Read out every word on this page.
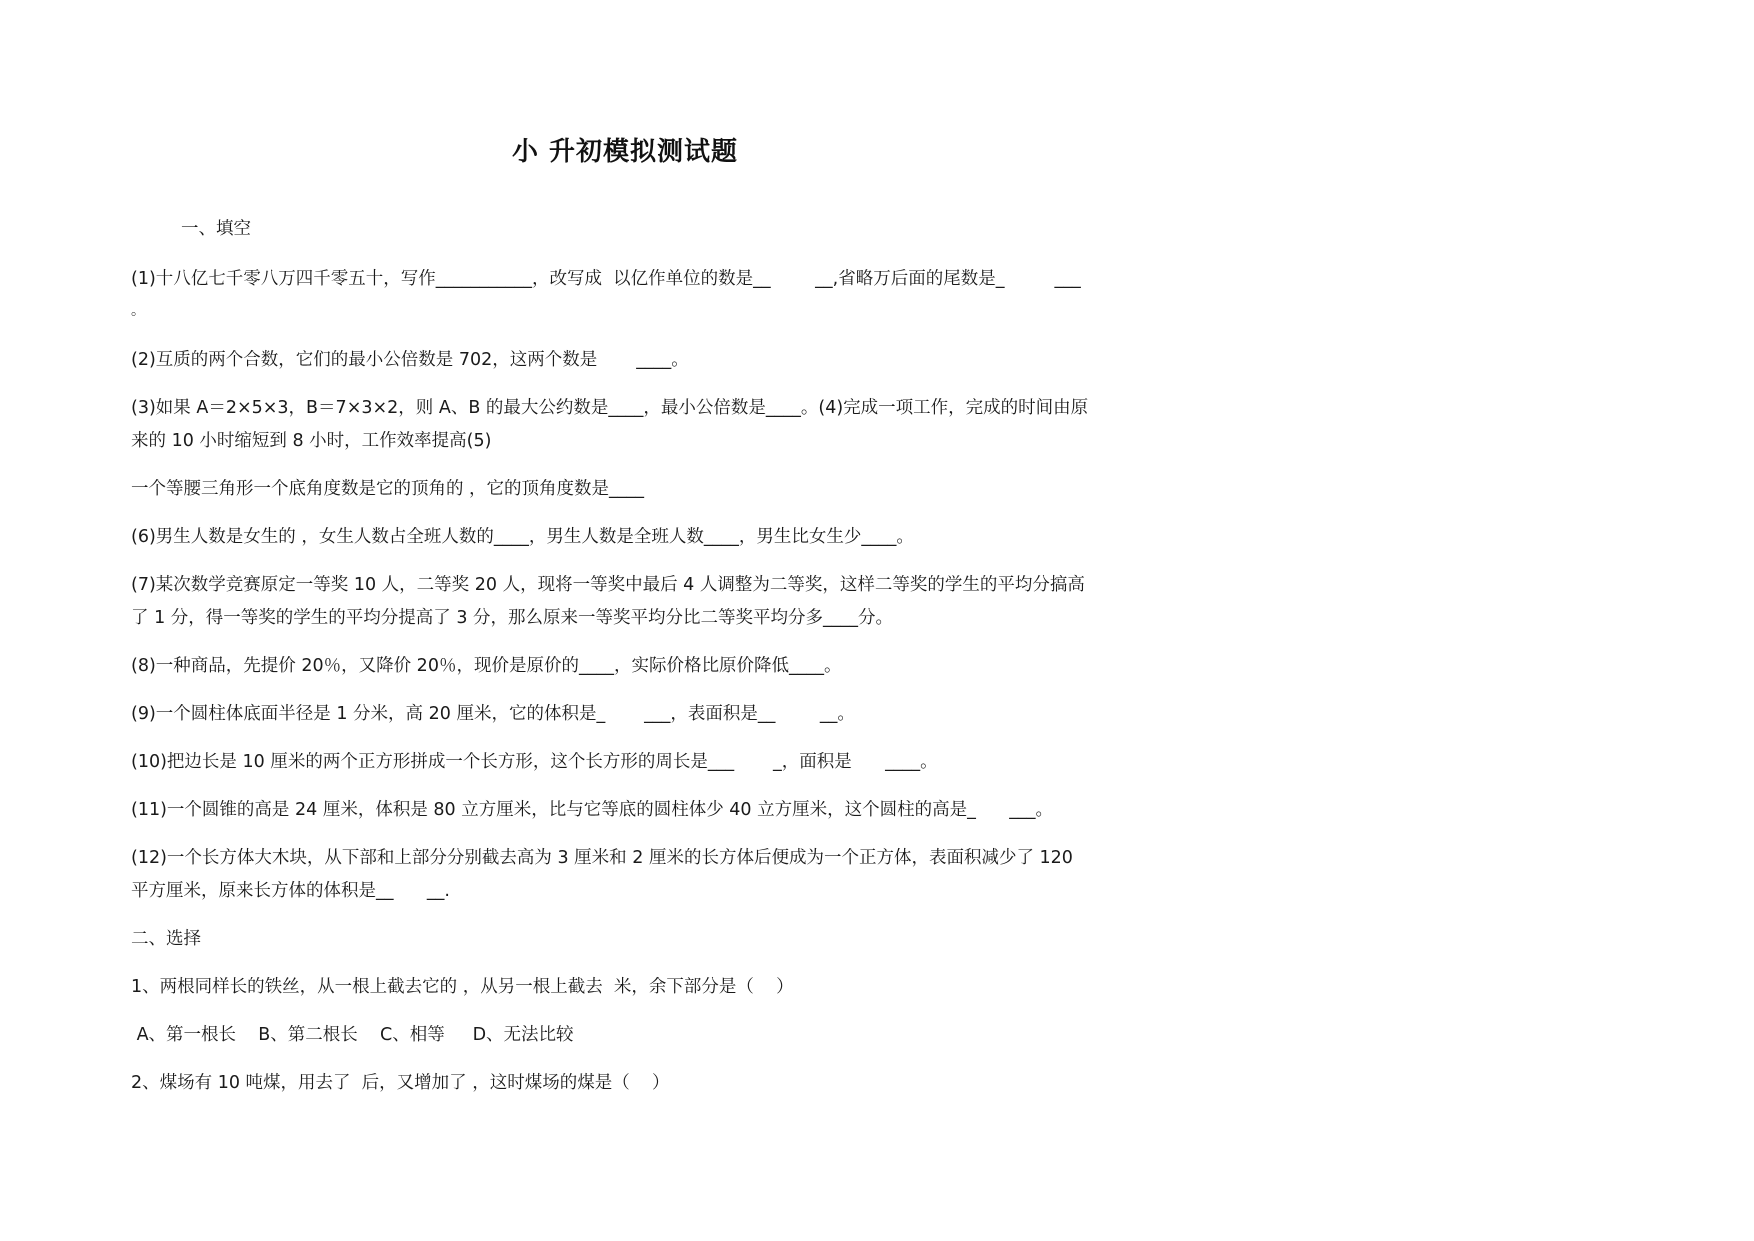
小 升初模拟测试题
一、填空
(1)十八亿七千零八万四千零五十，写作___________，改写成  以亿作单位的数是__        __,省略万后面的尾数是_         ___
。
(2)互质的两个合数，它们的最小公倍数是 702，这两个数是       ____。
(3)如果 A＝2×5×3，B＝7×3×2，则 A、B 的最大公约数是____，最小公倍数是____。(4)完成一项工作，完成的时间由原
来的 10 小时缩短到 8 小时，工作效率提高(5)
一个等腰三角形一个底角度数是它的顶角的 ，它的顶角度数是____
(6)男生人数是女生的 ，女生人数占全班人数的____，男生人数是全班人数____，男生比女生少____。
(7)某次数学竞赛原定一等奖 10 人，二等奖 20 人，现将一等奖中最后 4 人调整为二等奖，这样二等奖的学生的平均分搞高
了 1 分，得一等奖的学生的平均分提高了 3 分，那么原来一等奖平均分比二等奖平均分多____分。
(8)一种商品，先提价 20％，又降价 20％，现价是原价的____，实际价格比原价降低____。
(9)一个圆柱体底面半径是 1 分米，高 20 厘米，它的体积是_       ___，表面积是__        __。
(10)把边长是 10 厘米的两个正方形拼成一个长方形，这个长方形的周长是___       _，面积是      ____。
(11)一个圆锥的高是 24 厘米，体积是 80 立方厘米，比与它等底的圆柱体少 40 立方厘米，这个圆柱的高是_      ___。
(12)一个长方体大木块，从下部和上部分分别截去高为 3 厘米和 2 厘米的长方体后便成为一个正方体，表面积减少了 120
平方厘米，原来长方体的体积是__      __.
二、选择
1、两根同样长的铁丝，从一根上截去它的 ，从另一根上截去  米，余下部分是（    ）
A、第一根长    B、第二根长    C、相等     D、无法比较
2、煤场有 10 吨煤，用去了  后，又增加了 ，这时煤场的煤是（    ）
